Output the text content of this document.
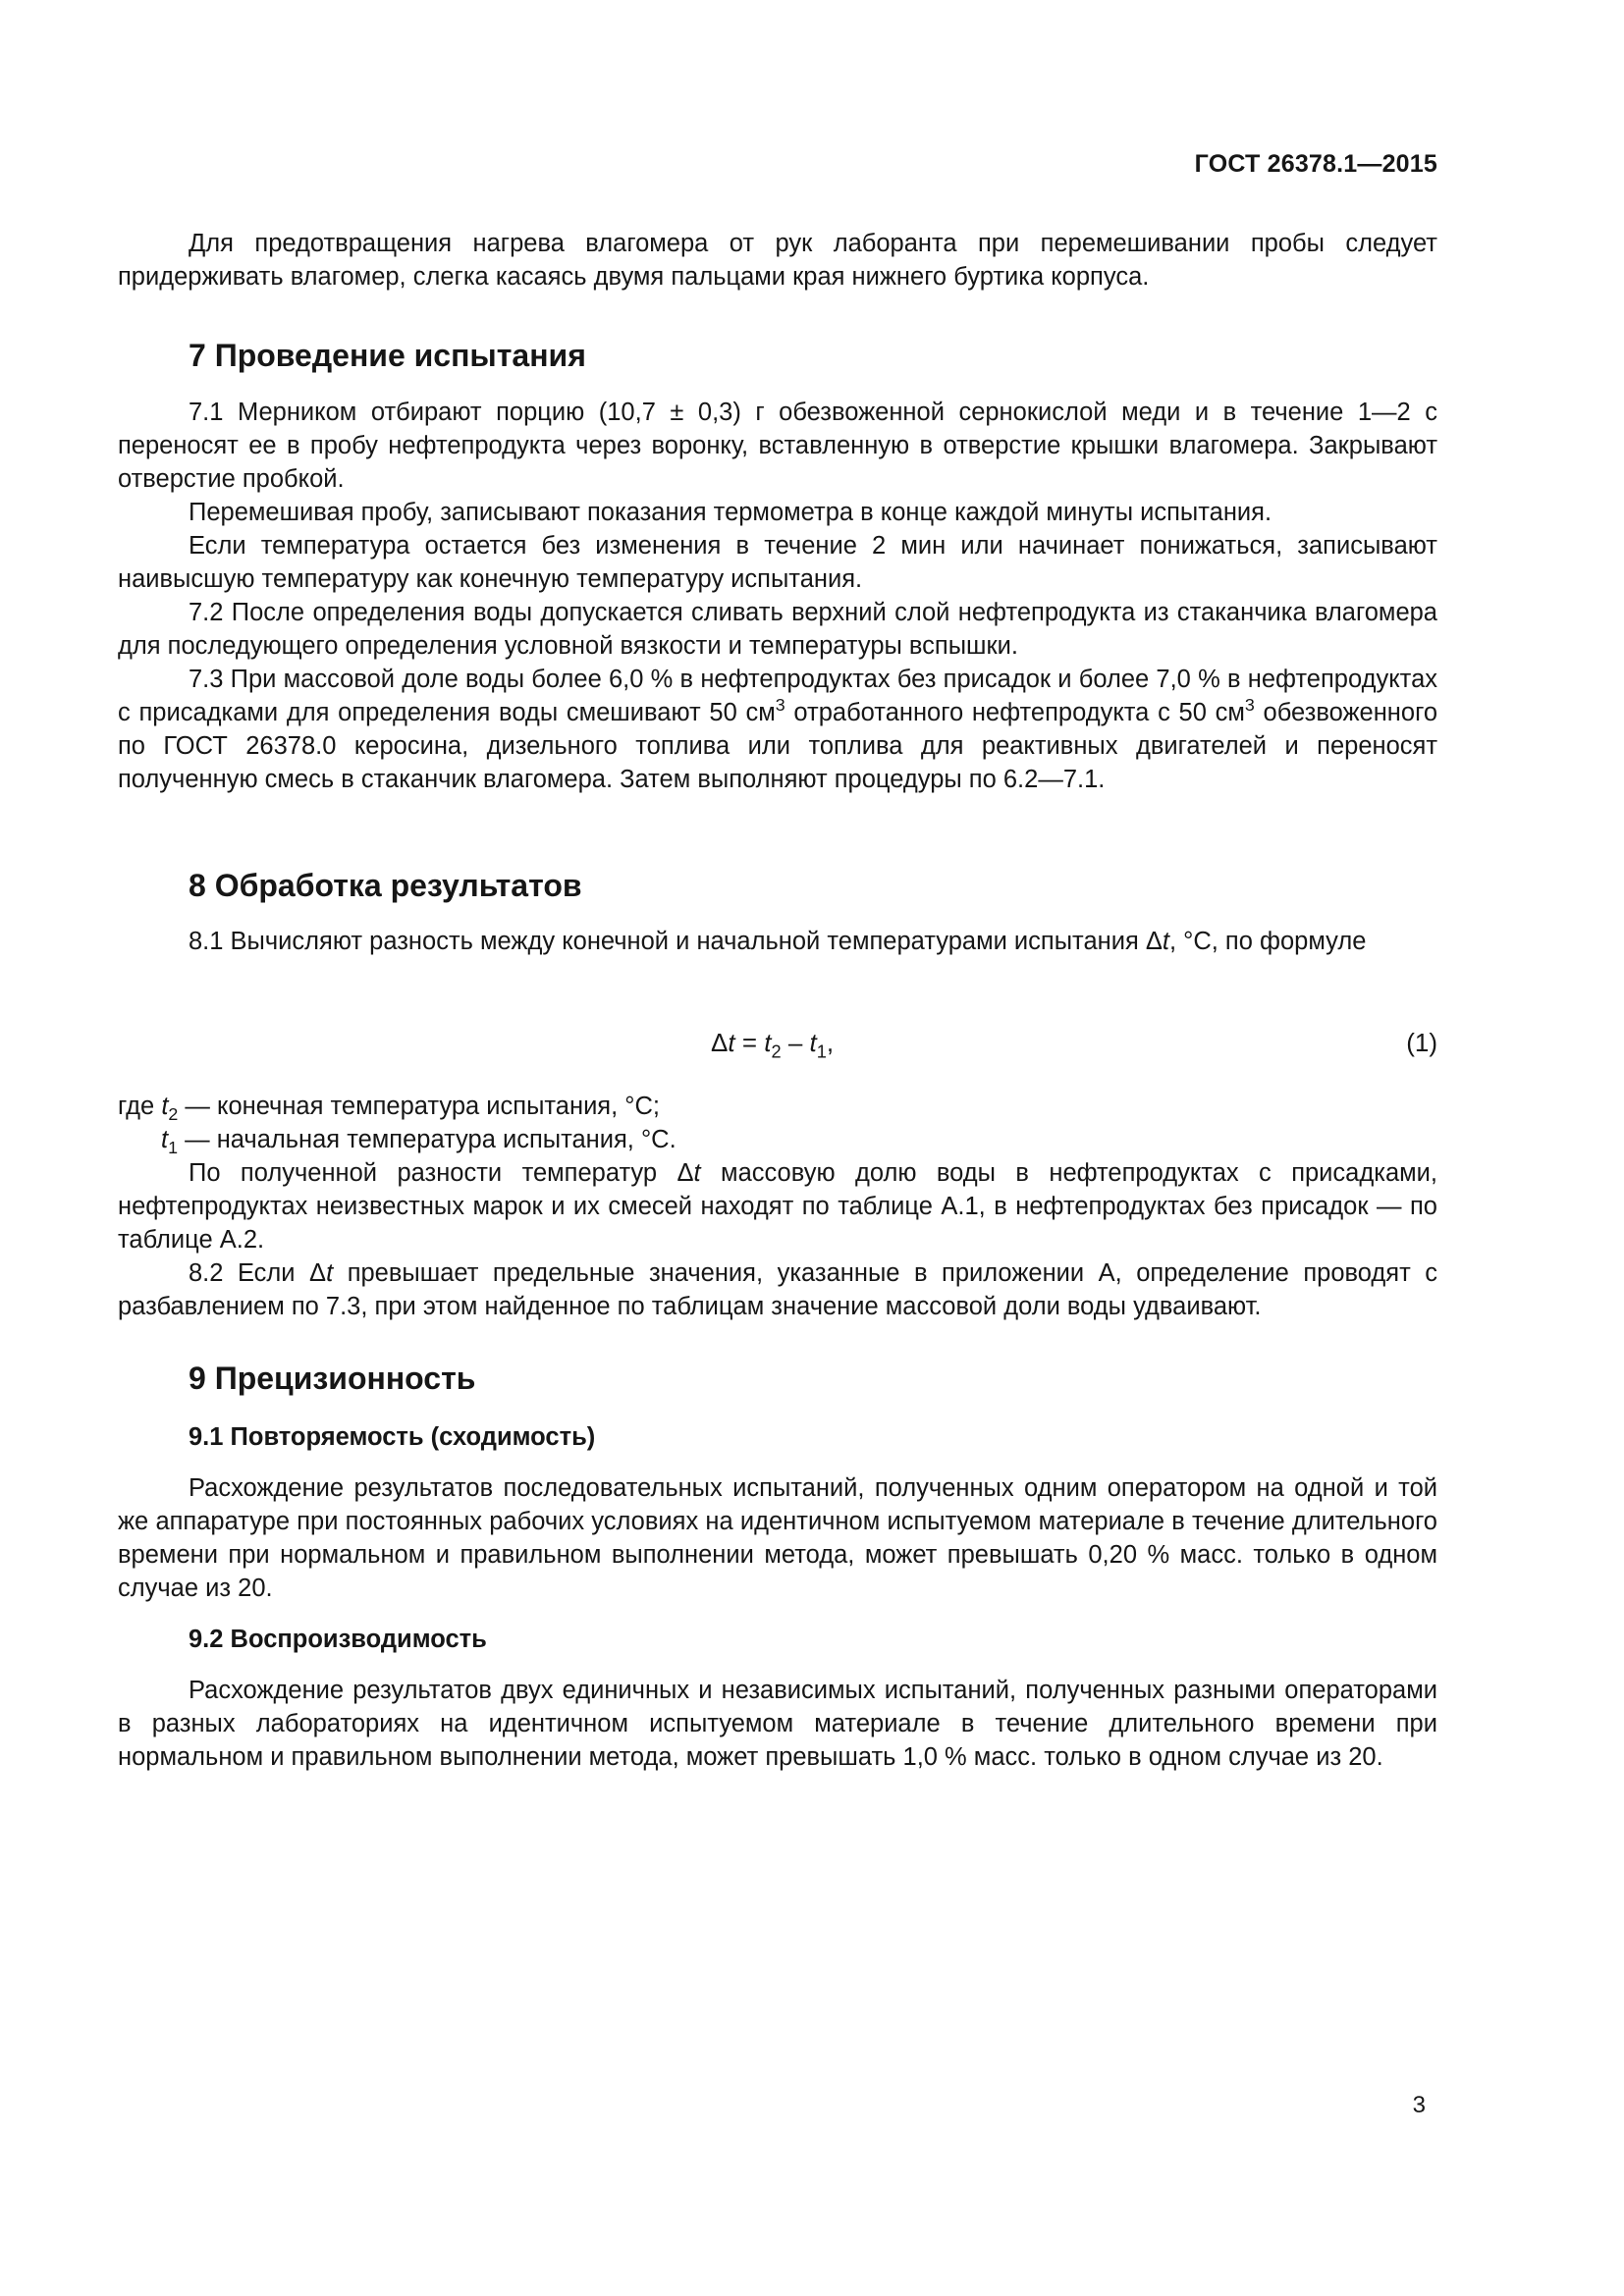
ГОСТ 26378.1—2015

Для предотвращения нагрева влагомера от рук лаборанта при перемешивании пробы следует придерживать влагомер, слегка касаясь двумя пальцами края нижнего буртика корпуса.

7 Проведение испытания

7.1 Мерником отбирают порцию (10,7 ± 0,3) г обезвоженной сернокислой меди и в течение 1—2 с переносят ее в пробу нефтепродукта через воронку, вставленную в отверстие крышки влагомера. Закрывают отверстие пробкой.

Перемешивая пробу, записывают показания термометра в конце каждой минуты испытания.

Если температура остается без изменения в течение 2 мин или начинает понижаться, записывают наивысшую температуру как конечную температуру испытания.

7.2 После определения воды допускается сливать верхний слой нефтепродукта из стаканчика влагомера для последующего определения условной вязкости и температуры вспышки.

7.3 При массовой доле воды более 6,0 % в нефтепродуктах без присадок и более 7,0 % в нефтепродуктах с присадками для определения воды смешивают 50 $см^3$ отработанного нефтепродукта с 50 $см^3$ обезвоженного по ГОСТ 26378.0 керосина, дизельного топлива или топлива для реактивных двигателей и переносят полученную смесь в стаканчик влагомера. Затем выполняют процедуры по 6.2—7.1.

8 Обработка результатов

8.1 Вычисляют разность между конечной и начальной температурами испытания Δt, °C, по формуле

$\Delta t = t_2 - t_1$,	(1)
где $t_2$ — конечная температура испытания, °C;
$t_1$ — начальная температура испытания, °C.

По полученной разности температур Δt массовую долю воды в нефтепродуктах с присадками, нефтепродуктах неизвестных марок и их смесей находят по таблице А.1, в нефтепродуктах без присадок — по таблице А.2.

8.2 Если Δt превышает предельные значения, указанные в приложении А, определение проводят с разбавлением по 7.3, при этом найденное по таблицам значение массовой доли воды удваивают.

9 Прецизионность
9.1 Повторяемость (сходимость)

Расхождение результатов последовательных испытаний, полученных одним оператором на одной и той же аппаратуре при постоянных рабочих условиях на идентичном испытуемом материале в течение длительного времени при нормальном и правильном выполнении метода, может превышать 0,20 % масс. только в одном случае из 20.

9.2 Воспроизводимость

Расхождение результатов двух единичных и независимых испытаний, полученных разными операторами в разных лабораториях на идентичном испытуемом материале в течение длительного времени при нормальном и правильном выполнении метода, может превышать 1,0 % масс. только в одном случае из 20.

3
